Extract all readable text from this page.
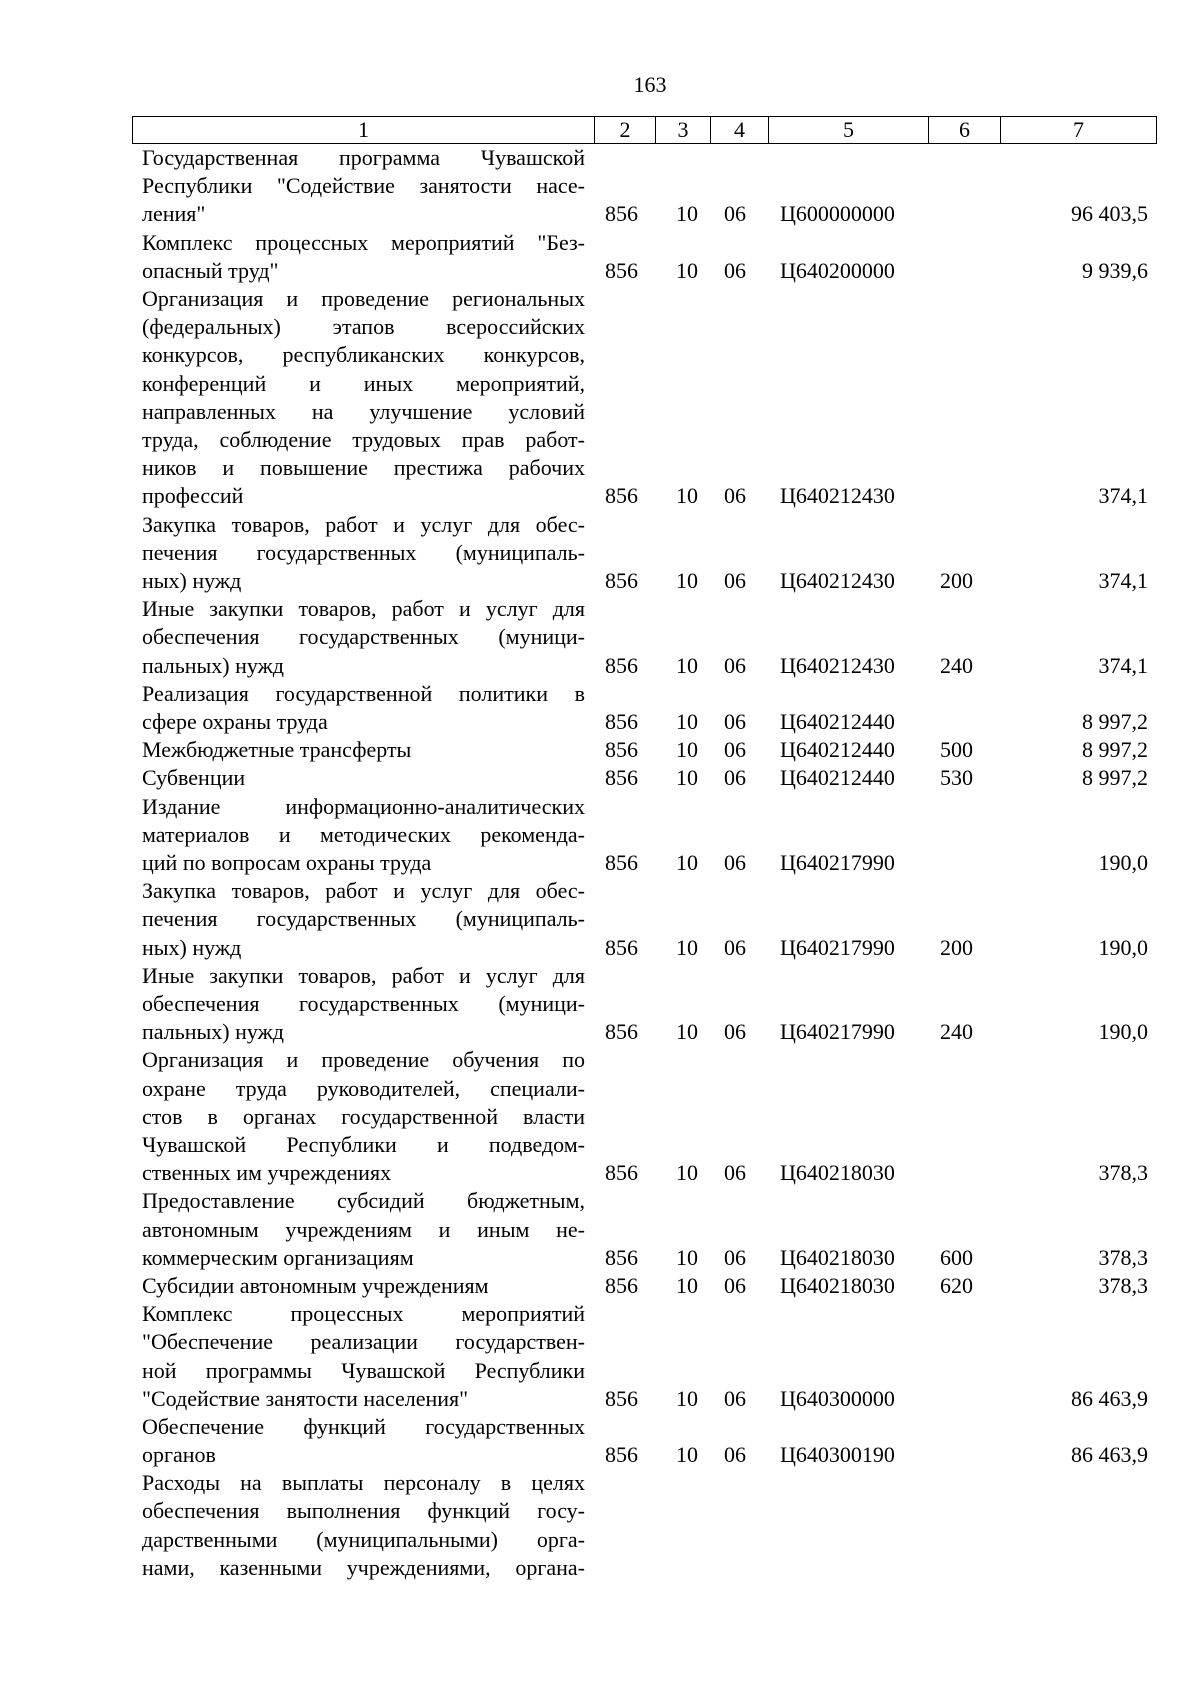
163
1	2	3	4	5	6	7
Государственная программа Чувашской
Республики "Содействие занятости насе-
ления"	856 10 06 Ц600000000	96 403,5
Комплекс процессных мероприятий "Без-
опасный труд"	856 10 06 Ц640200000	9 939,6
Организация и проведение региональных
(федеральных) этапов всероссийских
конкурсов, республиканских конкурсов,
конференций и иных мероприятий,
направленных на улучшение условий
труда, соблюдение трудовых прав работ-
ников и повышение престижа рабочих
профессий	856 10 06 Ц640212430	374,1
Закупка товаров, работ и услуг для обес-
печения государственных (муниципаль-
ных) нужд	856 10 06 Ц640212430 200	374,1
Иные закупки товаров, работ и услуг для
обеспечения государственных (муници-
пальных) нужд	856 10 06 Ц640212430 240	374,1
Реализация государственной политики в
сфере охраны труда	856 10 06 Ц640212440	8 997,2
Межбюджетные трансферты	856 10 06 Ц640212440 500	8 997,2
Субвенции	856 10 06 Ц640212440 530	8 997,2
Издание информационно-аналитических
материалов и методических рекоменда-
ций по вопросам охраны труда	856 10 06 Ц640217990	190,0
Закупка товаров, работ и услуг для обес-
печения государственных (муниципаль-
ных) нужд	856 10 06 Ц640217990 200	190,0
Иные закупки товаров, работ и услуг для
обеспечения государственных (муници-
пальных) нужд	856 10 06 Ц640217990 240	190,0
Организация и проведение обучения по
охране труда руководителей, специали-
стов в органах государственной власти
Чувашской Республики и подведом-
ственных им учреждениях	856 10 06 Ц640218030	378,3
Предоставление субсидий бюджетным,
автономным учреждениям и иным не-
коммерческим организациям	856 10 06 Ц640218030 600	378,3
Субсидии автономным учреждениям	856 10 06 Ц640218030 620	378,3
Комплекс процессных мероприятий
"Обеспечение реализации государствен-
ной программы Чувашской Республики
"Содействие занятости населения"	856 10 06 Ц640300000	86 463,9
Обеспечение функций государственных
органов	856 10 06 Ц640300190	86 463,9
Расходы на выплаты персоналу в целях
обеспечения выполнения функций госу-
дарственными (муниципальными) орга-
нами, казенными учреждениями, органа-
